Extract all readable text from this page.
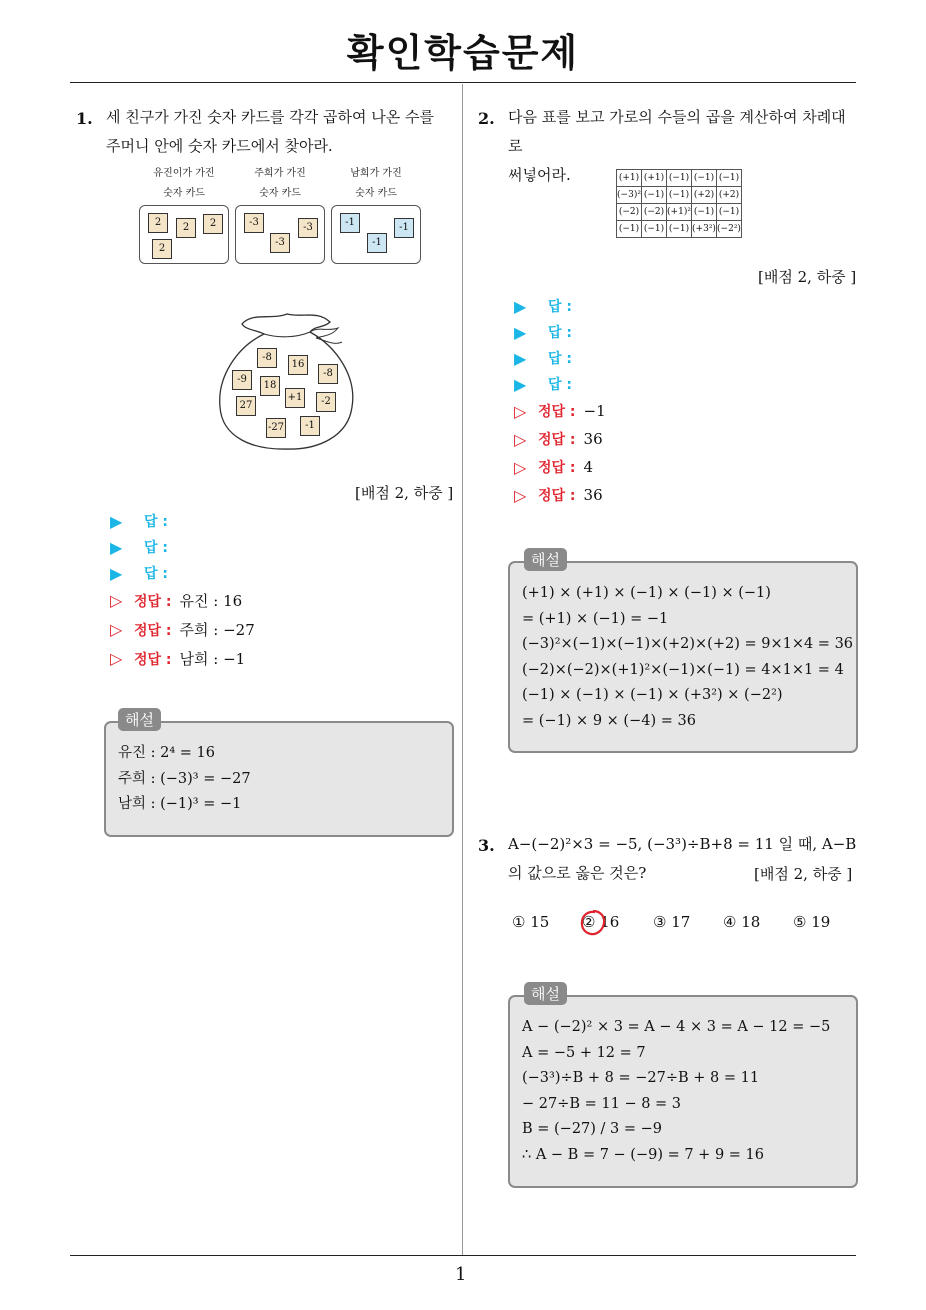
확인학습문제
1
1. 세 친구가 가진 숫자 카드를 각각 곱하여 나온 수를
주머니 안에 숫자 카드에서 찾아라.
유진이가 가진
숫자 카드
2	2	2
2
주희가 가진
숫자 카드
-3
-3
-3
남희가 가진
숫자 카드
-1
-1
-1
-8
16
-9
18
-8
27
+1	-2
-27	-1
[배점 2, 하중 ]
▶	답 :
▶	답 :
▶	답 :
▷ 정답 : 유진 : 16
▷ 정답 : 주희 : −27
▷ 정답 : 남희 : −1
유진 : 2⁴ = 16
주희 : (−3)³ = −27
남희 : (−1)³ = −1
해설
2. 다음 표를 보고 가로의 수들의 곱을 계산하여 차례대로
써넣어라.	(+1)	(+1)	(−1)	(−1)	(−1)
(−3)²	(−1)	(−1)	(+2)	(+2)
(−2)	(−2)	(+1)²	(−1)	(−1)
(−1)	(−1)	(−1)	(+3²)	(−2²)
[배점 2, 하중 ]
▶	답 :
▶	답 :
▶	답 :
▶	답 :
▷ 정답 : −1
▷ 정답 : 36
▷ 정답 : 4
▷ 정답 : 36
(+1) × (+1) × (−1) × (−1) × (−1)
= (+1) × (−1) = −1
(−3)²×(−1)×(−1)×(+2)×(+2) = 9×1×4 = 36
(−2)×(−2)×(+1)²×(−1)×(−1) = 4×1×1 = 4
(−1) × (−1) × (−1) × (+3²) × (−2²)
= (−1) × 9 × (−4) = 36
해설
3. A−(−2)²×3 = −5, (−3³)÷B+8 = 11 일 때, A−B
의 값으로 옳은 것은?	[배점 2, 하중 ]
① 15 ② 16 ③ 17 ④ 18 ⑤ 19
A − (−2)² × 3 = A − 4 × 3 = A − 12 = −5
A = −5 + 12 = 7
(−3³)÷B + 8 = −27÷B + 8 = 11
− 27÷B = 11 − 8 = 3
B = (−27) / 3 = −9
∴ A − B = 7 − (−9) = 7 + 9 = 16
해설
